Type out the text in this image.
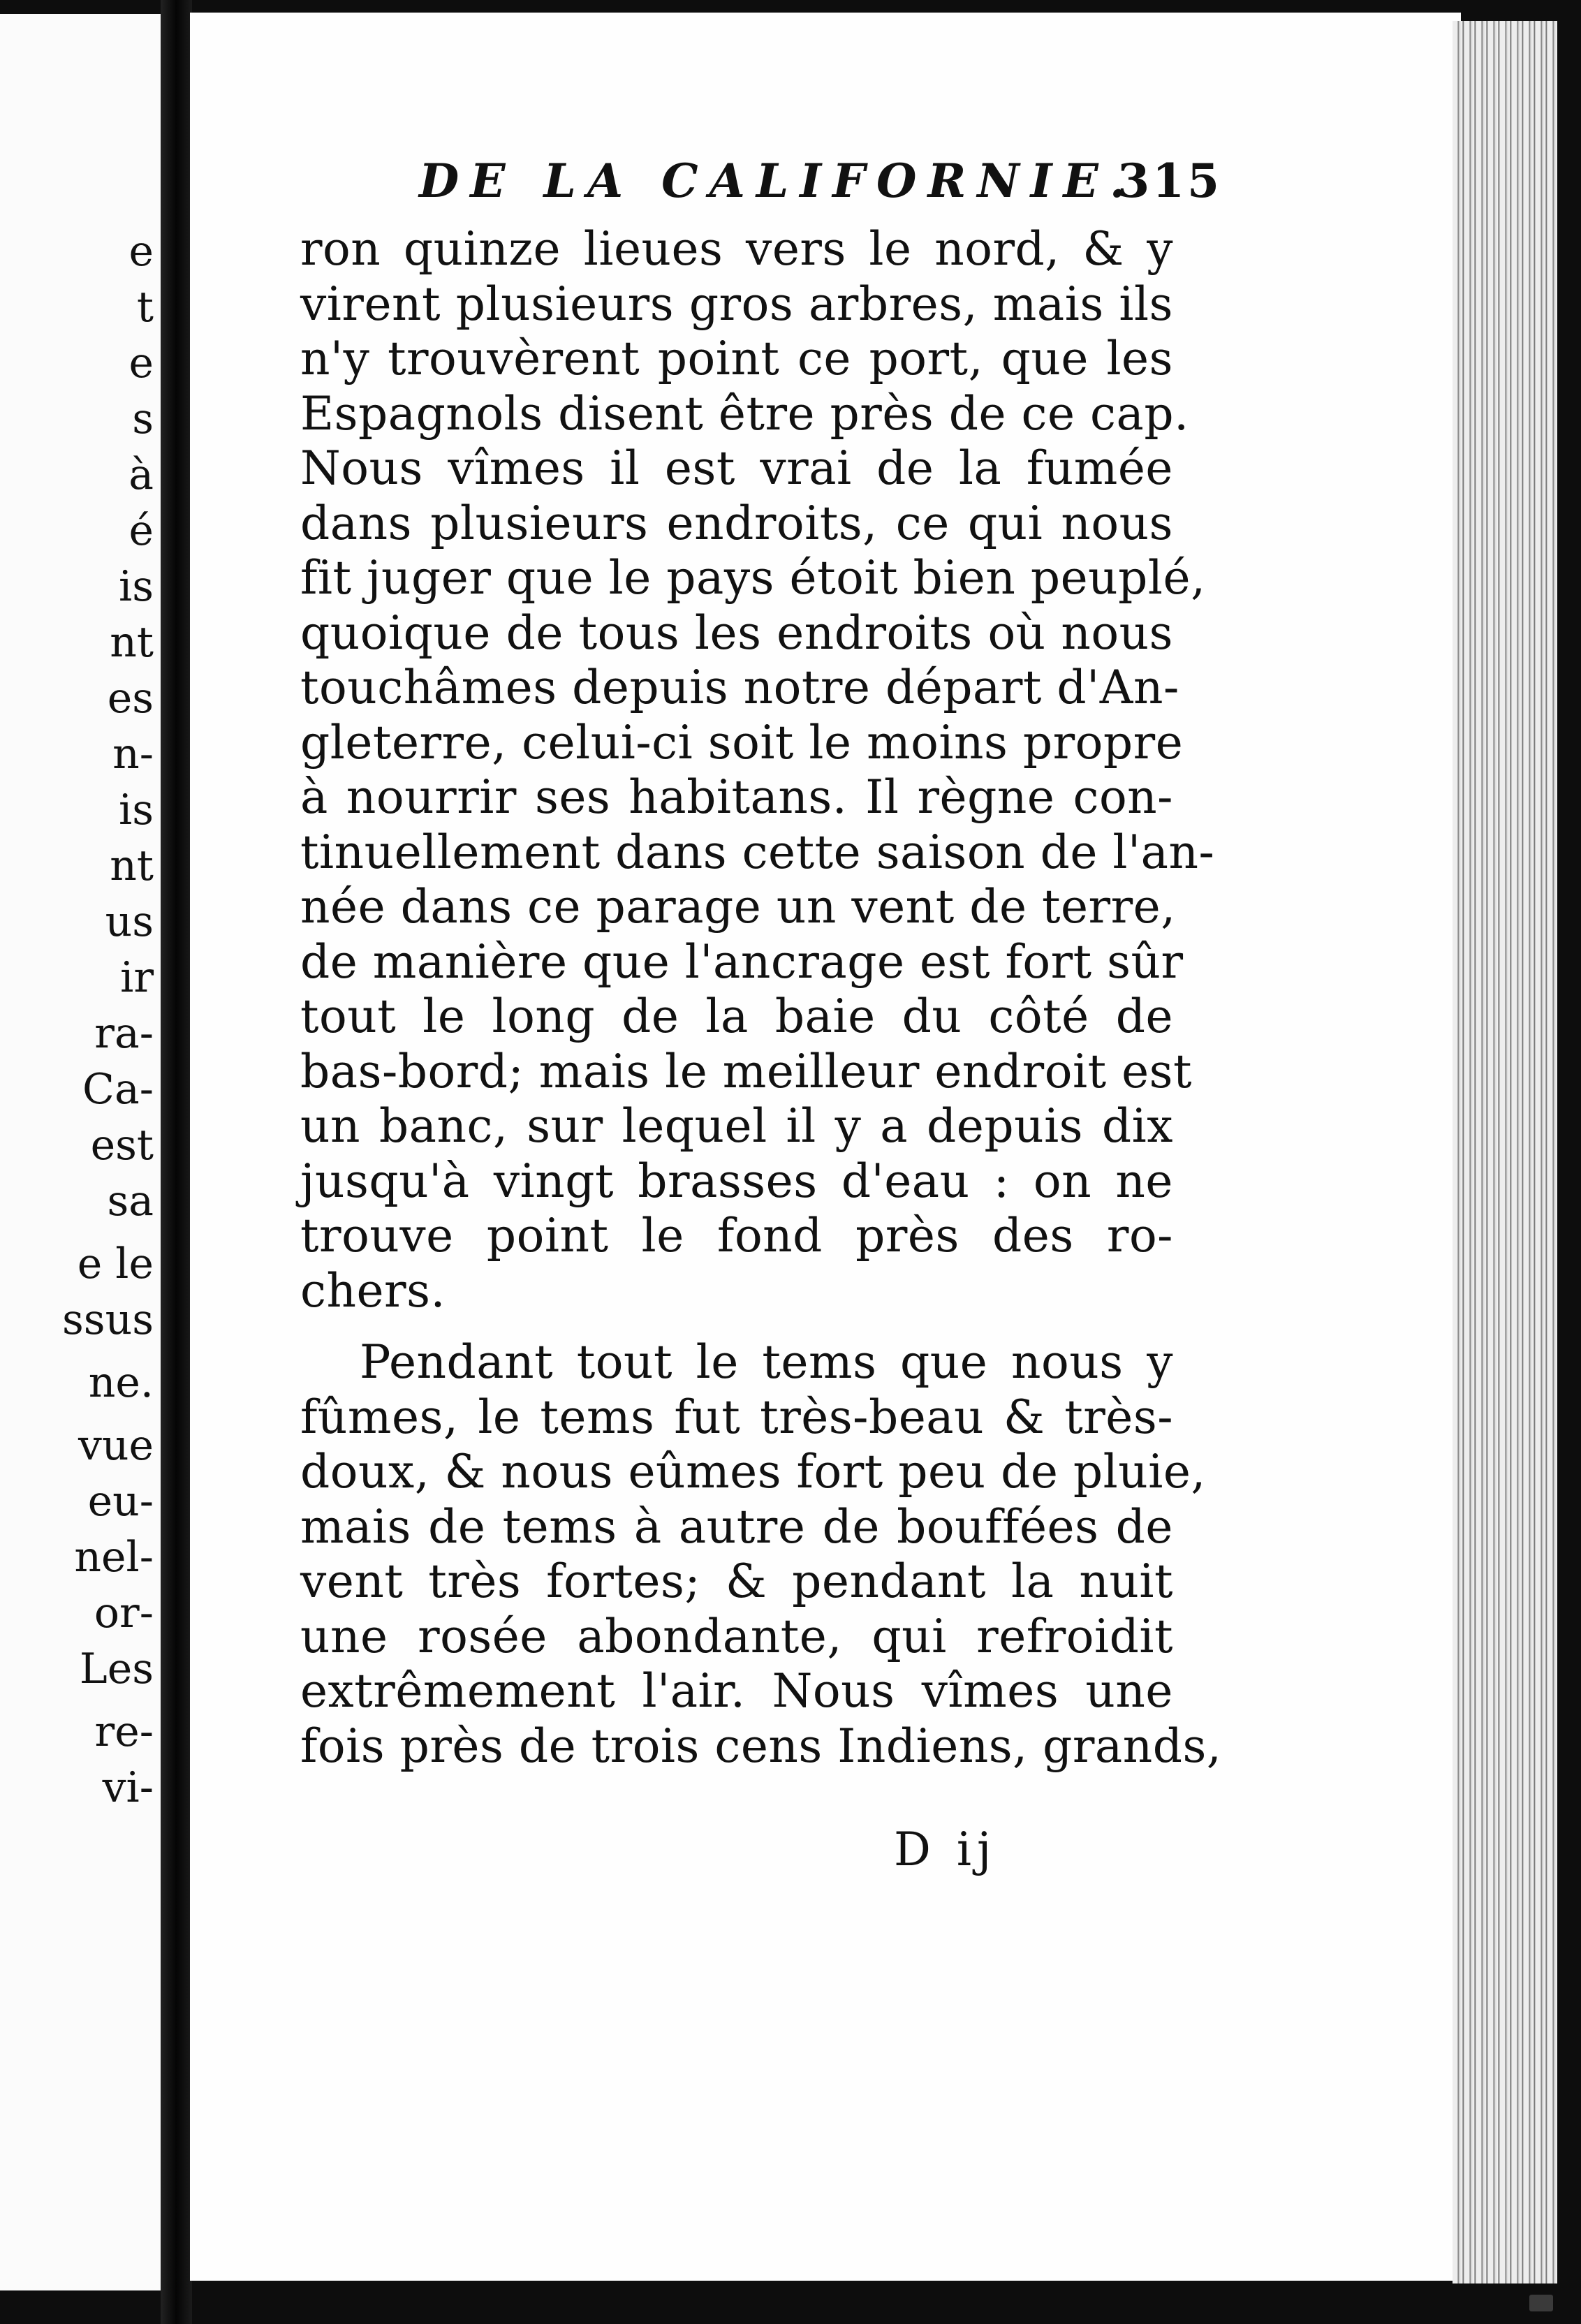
e
t
e
s
à
é
is
nt
es
n-
is
nt
us
ir
ra-
Ca-
est
sa
e le
ssus
ne.
vue
eu-
nel-
or-
Les
re-
vi-
DE LA CALIFORNIE.
315
ron quinze lieues vers le nord, & y
virent plusieurs gros arbres, mais ils
n'y trouvèrent point ce port, que les
Espagnols disent être près de ce cap.
Nous vîmes il est vrai de la fumée
dans plusieurs endroits, ce qui nous
fit juger que le pays étoit bien peuplé,
quoique de tous les endroits où nous
touchâmes depuis notre départ d'An-
gleterre, celui-ci soit le moins propre
à nourrir ses habitans. Il règne con-
tinuellement dans cette saison de l'an-
née dans ce parage un vent de terre,
de manière que l'ancrage est fort sûr
tout le long de la baie du côté de
bas-bord; mais le meilleur endroit est
un banc, sur lequel il y a depuis dix
jusqu'à vingt brasses d'eau : on ne
trouve point le fond près des ro-
chers.
Pendant tout le tems que nous y
fûmes, le tems fut très-beau & très-
doux, & nous eûmes fort peu de pluie,
mais de tems à autre de bouffées de
vent très fortes; & pendant la nuit
une rosée abondante, qui refroidit
extrêmement l'air. Nous vîmes une
fois près de trois cens Indiens, grands,
D ij
